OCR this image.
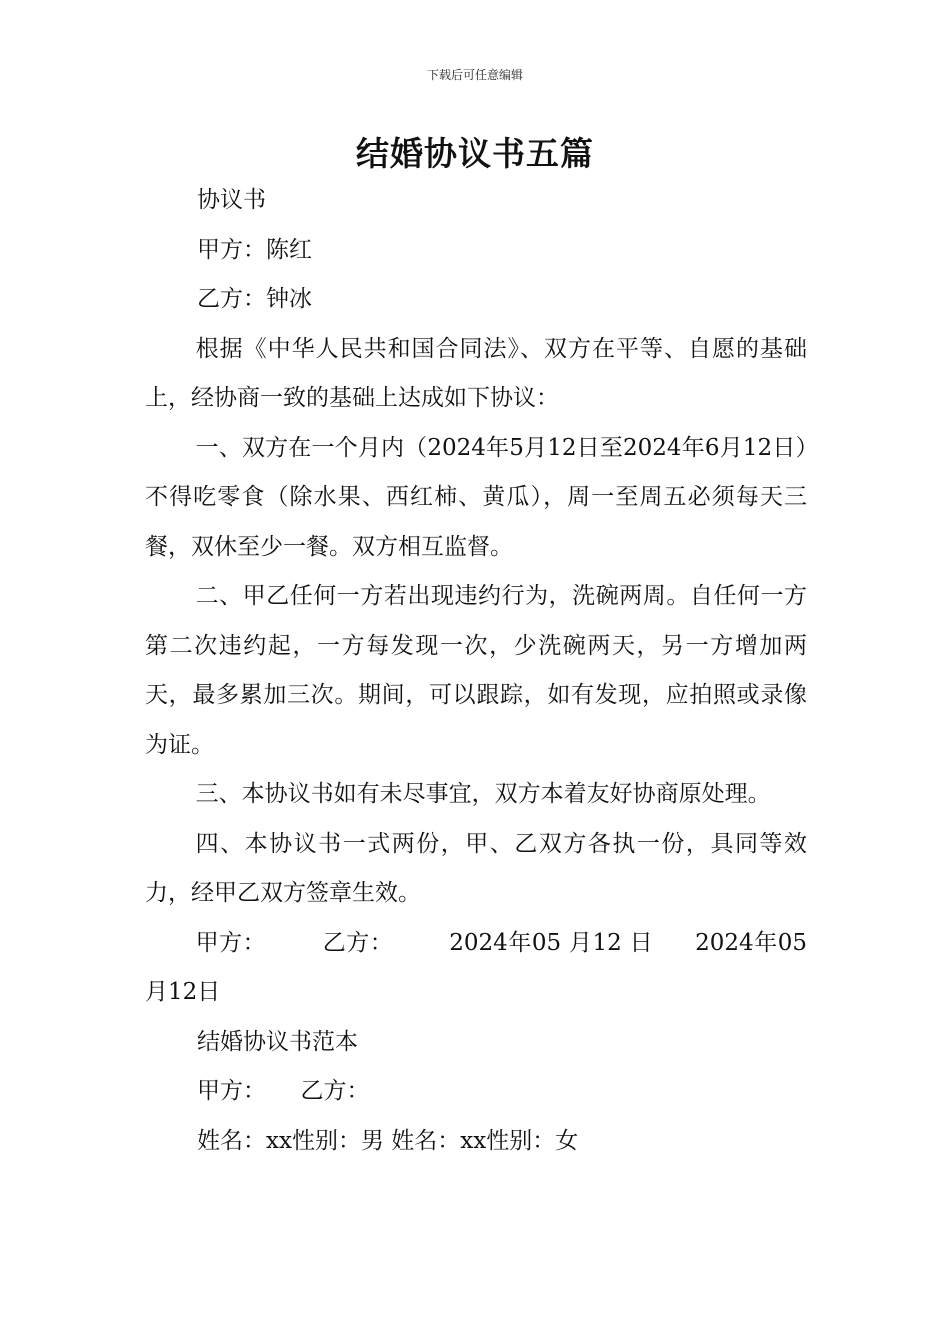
下载后可任意编辑
结婚协议书五篇
协议书
甲方：陈红
乙方：钟冰
根据《中华人民共和国合同法》、双方在平等、自愿的基础上，经协商一致的基础上达成如下协议：
一、双方在一个月内（2024年5月12日至2024年6月12日）不得吃零食（除水果、西红柿、黄瓜），周一至周五必须每天三餐，双休至少一餐。双方相互监督。
二、甲乙任何一方若出现违约行为，洗碗两周。自任何一方第二次违约起，一方每发现一次，少洗碗两天，另一方增加两天，最多累加三次。期间，可以跟踪，如有发现，应拍照或录像为证。
三、本协议书如有未尽事宜，双方本着友好协商原处理。
四、本协议书一式两份，甲、乙双方各执一份，具同等效力，经甲乙双方签章生效。
甲方： 乙方： 2024年05 月12 日 2024年05月12日
结婚协议书范本
甲方：　　乙方：
姓名：xx性别：男 姓名：xx性别：女
